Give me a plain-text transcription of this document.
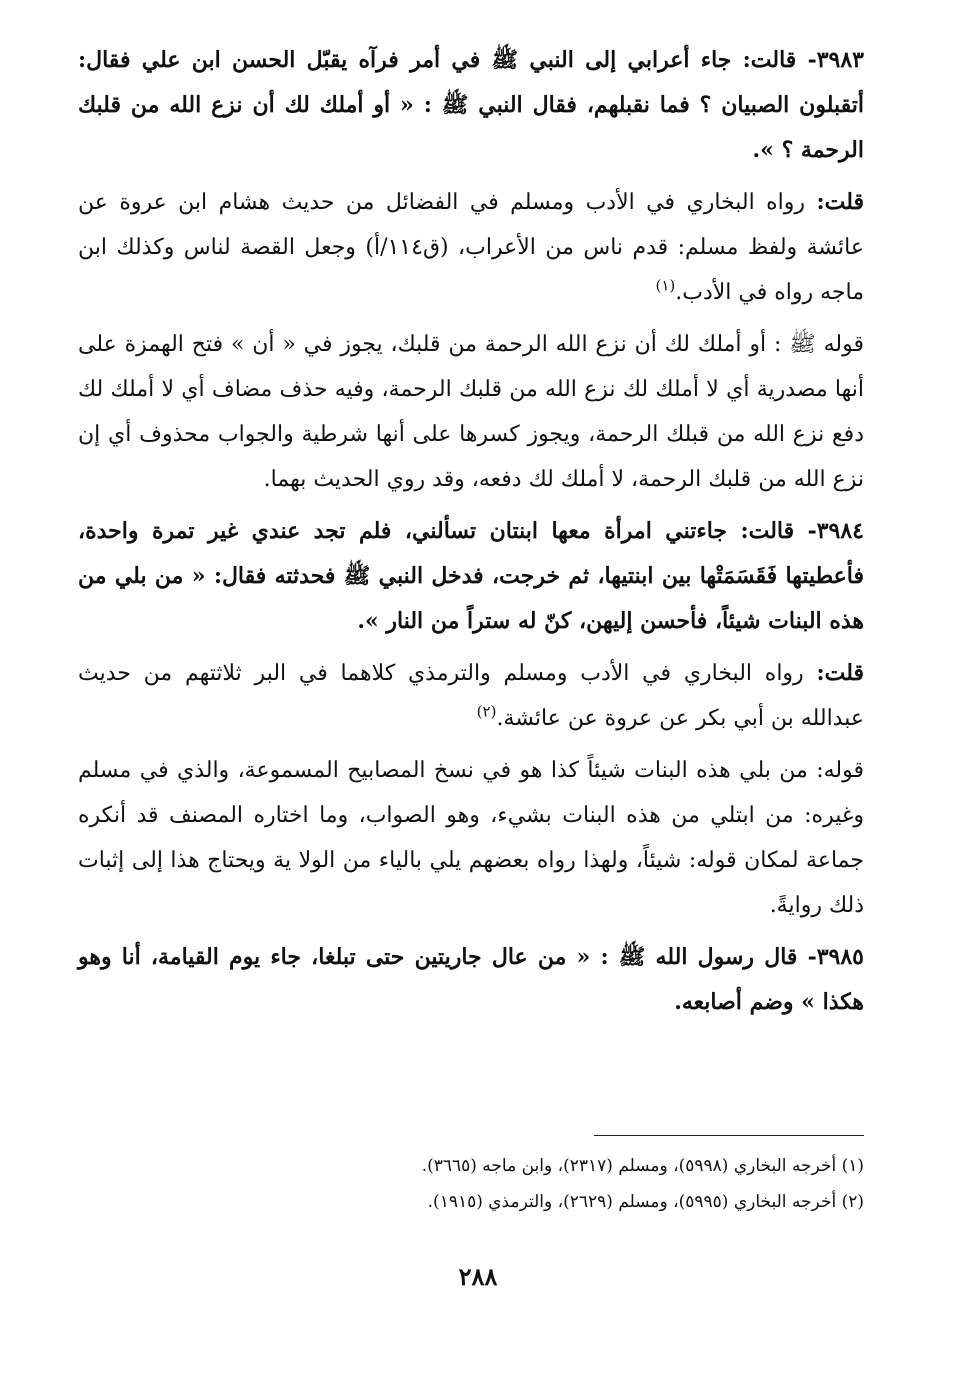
٣٩٨٣- قالت: جاء أعرابي إلى النبي ﷺ في أمر فرآه يقبّل الحسن ابن علي فقال: أتقبلون الصبيان ؟ فما نقبلهم، فقال النبي ﷺ : « أو أملك لك أن نزع الله من قلبك الرحمة ؟ ».

قلت: رواه البخاري في الأدب ومسلم في الفضائل من حديث هشام ابن عروة عن عائشة ولفظ مسلم: قدم ناس من الأعراب، (ق١١٤/أ) وجعل القصة لناس وكذلك ابن ماجه رواه في الأدب.$^{(١)}$

قوله ﷺ : أو أملك لك أن نزع الله الرحمة من قلبك، يجوز في « أن » فتح الهمزة على أنها مصدرية أي لا أملك لك نزع الله من قلبك الرحمة، وفيه حذف مضاف أي لا أملك لك دفع نزع الله من قبلك الرحمة، ويجوز كسرها على أنها شرطية والجواب محذوف أي إن نزع الله من قلبك الرحمة، لا أملك لك دفعه، وقد روي الحديث بهما.

٣٩٨٤- قالت: جاءتني امرأة معها ابنتان تسألني، فلم تجد عندي غير تمرة واحدة، فأعطيتها فَقَسَمَتْها بين ابنتيها، ثم خرجت، فدخل النبي ﷺ فحدثته فقال: « من بلي من هذه البنات شيئاً، فأحسن إليهن، كنّ له ستراً من النار ».

قلت: رواه البخاري في الأدب ومسلم والترمذي كلاهما في البر ثلاثتهم من حديث عبدالله بن أبي بكر عن عروة عن عائشة.$^{(٢)}$

قوله: من بلي هذه البنات شيئاً كذا هو في نسخ المصابيح المسموعة، والذي في مسلم وغيره: من ابتلي من هذه البنات بشيء، وهو الصواب، وما اختاره المصنف قد أنكره جماعة لمكان قوله: شيئاً، ولهذا رواه بعضهم يلي بالياء من الولا ية ويحتاج هذا إلى إثبات ذلك روايةً.

٣٩٨٥- قال رسول الله ﷺ : « من عال جاريتين حتى تبلغا، جاء يوم القيامة، أنا وهو هكذا » وضم أصابعه.

(١) أخرجه البخاري (٥٩٩٨)، ومسلم (٢٣١٧)، وابن ماجه (٣٦٦٥).

(٢) أخرجه البخاري (٥٩٩٥)، ومسلم (٢٦٢٩)، والترمذي (١٩١٥).

٢٨٨
